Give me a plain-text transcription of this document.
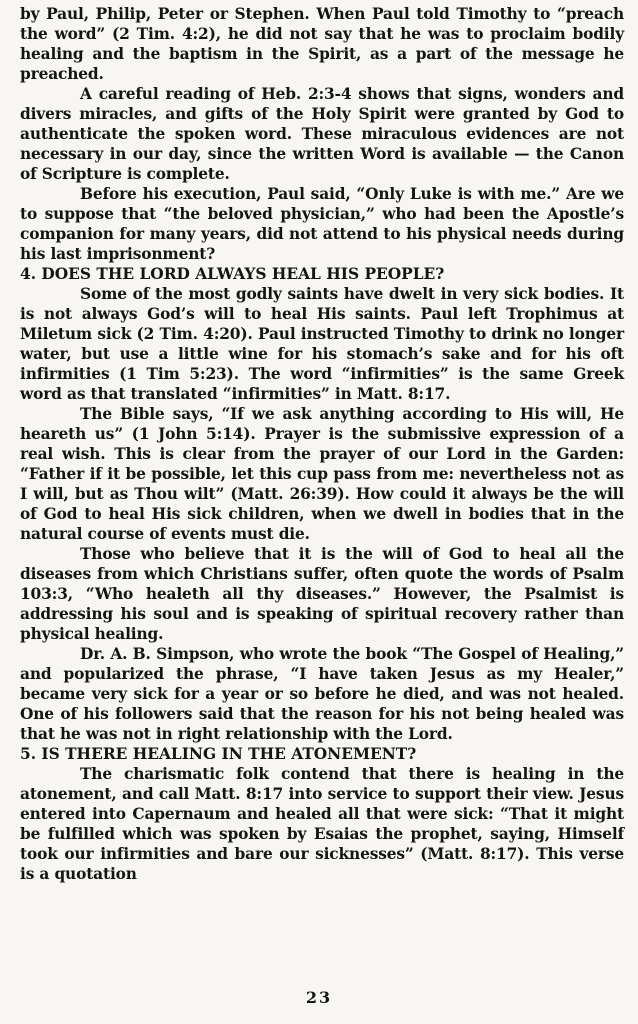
by Paul, Philip, Peter or Stephen. When Paul told Timothy to “preach the word” (2 Tim. 4:2), he did not say that he was to proclaim bodily healing and the baptism in the Spirit, as a part of the message he preached.

A careful reading of Heb. 2:3-4 shows that signs, wonders and divers miracles, and gifts of the Holy Spirit were granted by God to authenticate the spoken word. These miraculous evidences are not necessary in our day, since the written Word is available — the Canon of Scripture is complete.

Before his execution, Paul said, “Only Luke is with me.” Are we to suppose that “the beloved physician,” who had been the Apostle’s companion for many years, did not attend to his physical needs during his last imprisonment?

4. DOES THE LORD ALWAYS HEAL HIS PEOPLE?

Some of the most godly saints have dwelt in very sick bodies. It is not always God’s will to heal His saints. Paul left Trophimus at Miletum sick (2 Tim. 4:20). Paul instructed Timothy to drink no longer water, but use a little wine for his stomach’s sake and for his oft infirmities (1 Tim 5:23). The word “infirmities” is the same Greek word as that translated “infirmities” in Matt. 8:17.

The Bible says, “If we ask anything according to His will, He heareth us” (1 John 5:14). Prayer is the submissive expression of a real wish. This is clear from the prayer of our Lord in the Garden: “Father if it be possible, let this cup pass from me: nevertheless not as I will, but as Thou wilt” (Matt. 26:39). How could it always be the will of God to heal His sick children, when we dwell in bodies that in the natural course of events must die.

Those who believe that it is the will of God to heal all the diseases from which Christians suffer, often quote the words of Psalm 103:3, “Who healeth all thy diseases.” However, the Psalmist is addressing his soul and is speaking of spiritual recovery rather than physical healing.

Dr. A. B. Simpson, who wrote the book “The Gospel of Healing,” and popularized the phrase, “I have taken Jesus as my Healer,” became very sick for a year or so before he died, and was not healed. One of his followers said that the reason for his not being healed was that he was not in right relationship with the Lord.

5. IS THERE HEALING IN THE ATONEMENT?

The charismatic folk contend that there is healing in the atonement, and call Matt. 8:17 into service to support their view. Jesus entered into Capernaum and healed all that were sick: “That it might be fulfilled which was spoken by Esaias the prophet, saying, Himself took our infirmities and bare our sicknesses” (Matt. 8:17). This verse is a quotation

23
